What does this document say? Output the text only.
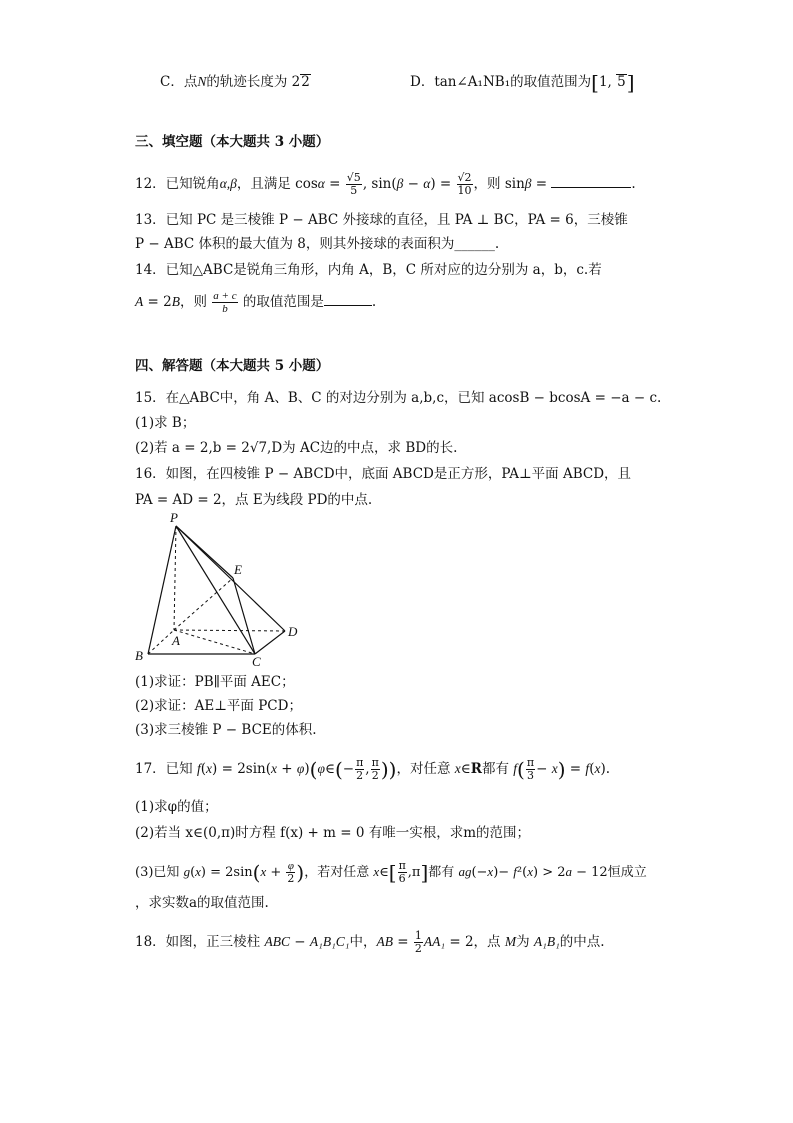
C．点N的轨迹长度为 22	D．tan∠A₁NB₁的取值范围为[1, 5]
三、填空题（本大题共 3 小题）
12．已知锐角α,β，且满足 $\cos\alpha = \frac{√5}{5}$ , $\sin(\beta - \alpha) = \frac{√2}{10}$ ，则 sinβ =	.
13．已知 PC 是三棱锥 P − ABC 外接球的直径，且 PA ⊥ BC，PA = 6，三棱锥
P − ABC 体积的最大值为 8，则其外接球的表面积为______.
14．已知△ABC是锐角三角形，内角 A，B，C 所对应的边分别为 a，b，c.若
A = 2B，则 $\frac{a + c}{b}$ 的取值范围是	.
四、解答题（本大题共 5 小题）
15．在△ABC中，角 A、B、C 的对边分别为 a,b,c，已知 acosB − bcosA = −a − c.
(1)求 B；
(2)若 a = 2,b = 2√7,D为 AC边的中点，求 BD的长.
16．如图，在四棱锥 P − ABCD中，底面 ABCD是正方形，PA⊥平面 ABCD，且
PA = AD = 2，点 E为线段 PD的中点.
P
E
A
D
B	C
(1)求证：PB∥平面 AEC；
(2)求证：AE⊥平面 PCD；
(3)求三棱锥 P − BCE的体积.
17．已知 f(x) = 2sin(x + φ)(φ∈(− $\frac{\pi}{2}$ , $\frac{\pi}{2}$ ))，对任意 x∈R都有 $f( \frac{\pi}{3} - x) = f(x)$.
(1)求φ的值；
(2)若当 x∈(0,π)时方程 f(x) + m = 0 有唯一实根，求m的范围；
(3)已知 $g(x) = 2\sin(x + \frac{\varphi}{2}$ )，若对任意 x∈[ $\frac{\pi}{6} ,\pi$]都有 ag(−x)− f²(x) > 2a − 12恒成立
，求实数a的取值范围.
18．如图，正三棱柱 ABC − A₁B₁C₁中，AB = $\frac{1}{2} AA_1 = 2$，点 M为 A₁B₁的中点.
